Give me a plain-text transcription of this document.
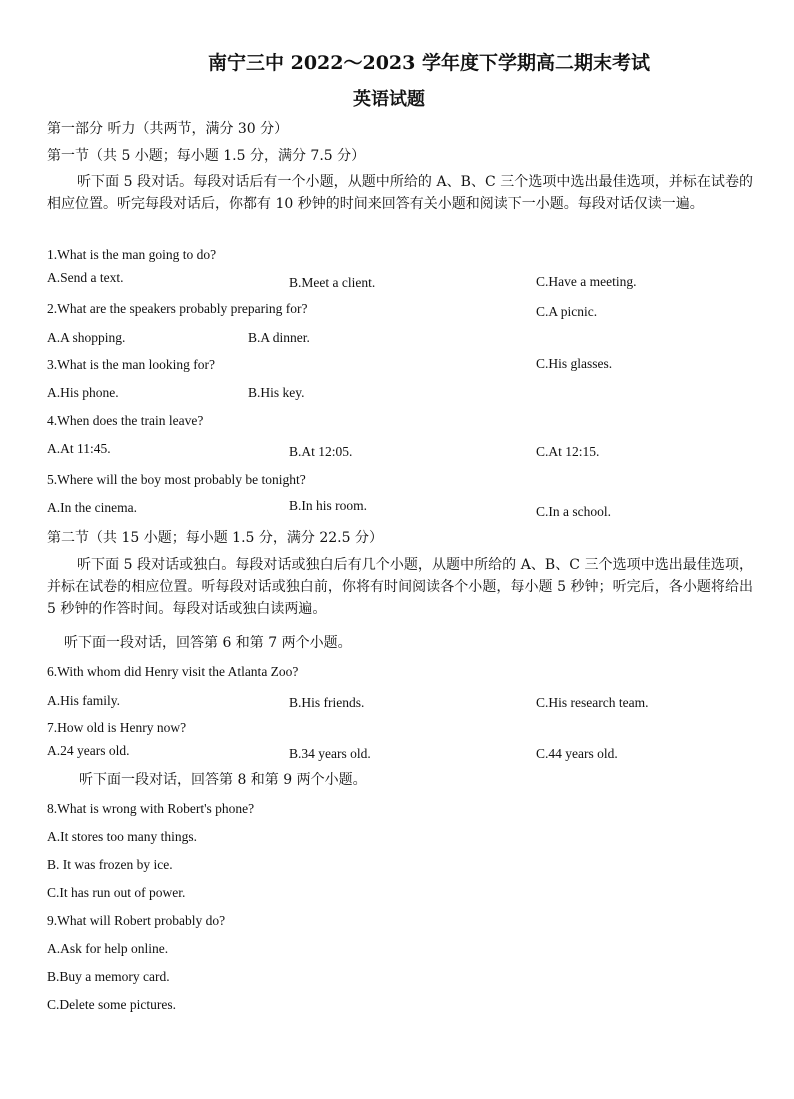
南宁三中 2022～2023 学年度下学期高二期末考试
英语试题
第一部分 听力（共两节，满分 30 分）
第一节（共 5 小题；每小题 1.5 分，满分 7.5 分）
听下面 5 段对话。每段对话后有一个小题，从题中所给的 A、B、C 三个选项中选出最佳选项，并标在试卷的相应位置。听完每段对话后，你都有 10 秒钟的时间来回答有关小题和阅读下一小题。每段对话仅读一遍。
1.What is the man going to do?
A.Send a text.	B.Meet a client.	C.Have a meeting.
2.What are the speakers probably preparing for?	C.A picnic.
A.A shopping.	B.A dinner.
3.What is the man looking for?	C.His glasses.
A.His phone.	B.His key.
4.When does the train leave?
A.At 11:45.	B.At 12:05.	C.At 12:15.
5.Where will the boy most probably be tonight?
B.In his room.
A.In the cinema.	C.In a school.
第二节（共 15 小题；每小题 1.5 分，满分 22.5 分）
听下面 5 段对话或独白。每段对话或独白后有几个小题，从题中所给的 A、B、C 三个选项中选出最佳选项，并标在试卷的相应位置。听每段对话或独白前，你将有时间阅读各个小题，每小题 5 秒钟；听完后，各小题将给出 5 秒钟的作答时间。每段对话或独白读两遍。
听下面一段对话，回答第 6 和第 7 两个小题。
6.With whom did Henry visit the Atlanta Zoo?
A.His family.	B.His friends.	C.His research team.
7.How old is Henry now?
A.24 years old.	B.34 years old.	C.44 years old.
听下面一段对话，回答第 8 和第 9 两个小题。
8.What is wrong with Robert's phone?
A.It stores too many things.
B. It was frozen by ice.
C.It has run out of power.
9.What will Robert probably do?
A.Ask for help online.
B.Buy a memory card.
C.Delete some pictures.
